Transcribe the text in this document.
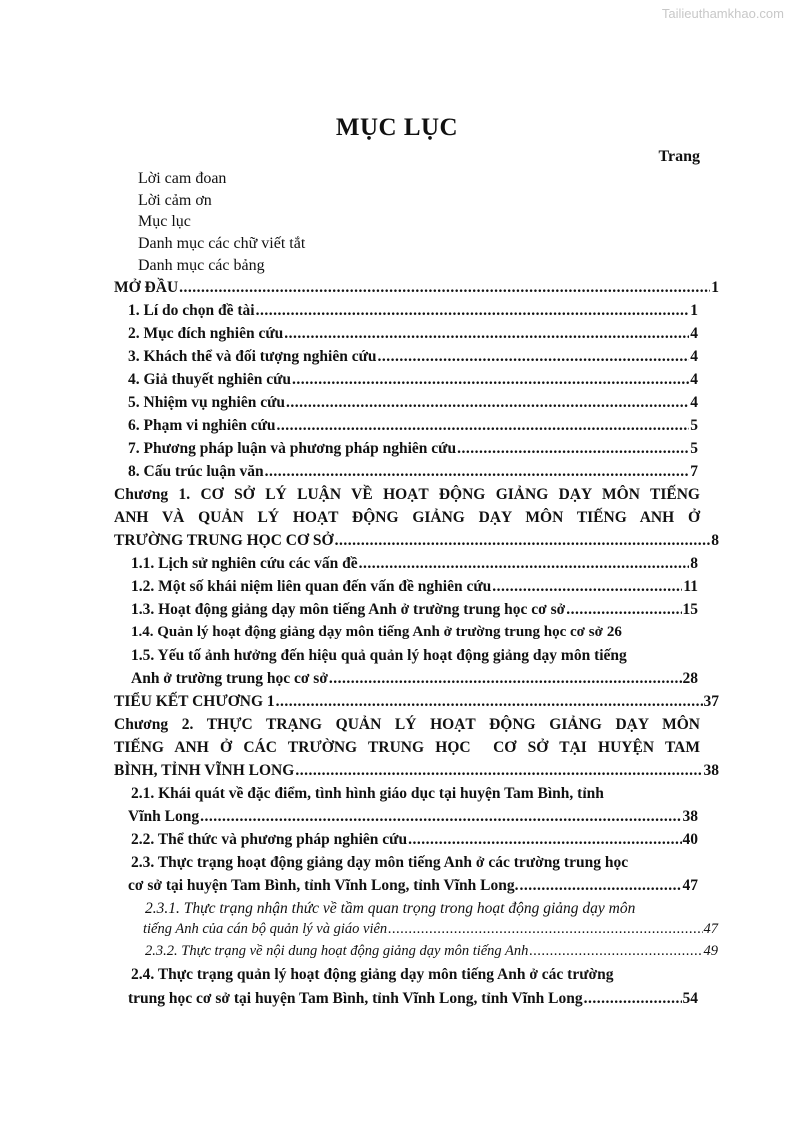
Tailieuthamkhao.com
MỤC LỤC
Trang
Lời cam đoan
Lời cảm ơn
Mục lục
Danh mục các chữ viết tắt
Danh mục các bảng
MỞ ĐẦU .....	1
1. Lí do chọn đề tài .....	1
2. Mục đích nghiên cứu .....	4
3. Khách thể và đối tượng nghiên cứu .....	4
4. Giả thuyết nghiên cứu .....	4
5. Nhiệm vụ nghiên cứu .....	4
6. Phạm vi nghiên cứu .....	5
7. Phương pháp luận và phương pháp nghiên cứu .....	5
8. Cấu trúc luận văn .....	7
Chương 1. CƠ SỞ LÝ LUẬN VỀ HOẠT ĐỘNG GIẢNG DẠY MÔN TIẾNG
ANH VÀ QUẢN LÝ HOẠT ĐỘNG GIẢNG DẠY MÔN TIẾNG ANH Ở
TRƯỜNG TRUNG HỌC CƠ SỞ .....	8
1.1. Lịch sử nghiên cứu các vấn đề .....	8
1.2. Một số khái niệm liên quan đến vấn đề nghiên cứu .....	11
1.3. Hoạt động giảng dạy môn tiếng Anh ở trường trung học cơ sở .....	15
1.4. Quản lý hoạt động giảng dạy môn tiếng Anh ở trường trung học cơ sở 26
1.5. Yếu tố ảnh hưởng đến hiệu quả quản lý hoạt động giảng dạy môn tiếng
Anh ở trường trung học cơ sở .....	28
TIỂU KẾT CHƯƠNG 1 .....	37
Chương 2. THỰC TRẠNG QUẢN LÝ HOẠT ĐỘNG GIẢNG DẠY MÔN
TIẾNG ANH Ở CÁC TRƯỜNG TRUNG HỌC  CƠ SỞ TẠI HUYỆN TAM
BÌNH, TỈNH VĨNH LONG .....	38
2.1. Khái quát về đặc điểm, tình hình giáo dục tại huyện Tam Bình, tỉnh
Vĩnh Long .....	38
2.2. Thể thức và phương pháp nghiên cứu .....	40
2.3. Thực trạng hoạt động giảng dạy môn tiếng Anh ở các trường trung học
cơ sở tại huyện Tam Bình, tỉnh Vĩnh Long, tỉnh Vĩnh Long. .....	47
2.3.1. Thực trạng nhận thức về tầm quan trọng trong hoạt động giảng dạy môn
tiếng Anh của cán bộ quản lý và giáo viên .....	47
2.3.2. Thực trạng về nội dung hoạt động giảng dạy môn tiếng Anh .....	49
2.4. Thực trạng quản lý hoạt động giảng dạy môn tiếng Anh ở các trường
trung học cơ sở tại huyện Tam Bình, tỉnh Vĩnh Long, tỉnh Vĩnh Long .....	54
